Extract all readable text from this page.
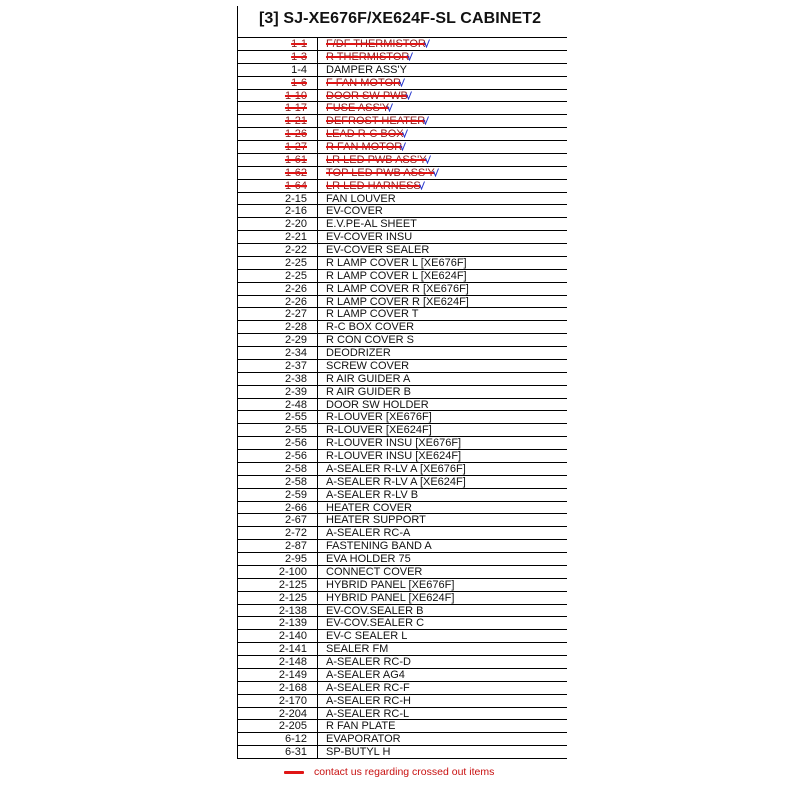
[3] SJ-XE676F/XE624F-SL CABINET2
1-1 F/DF THERMISTOR
1-3 R THERMISTOR
1-4 DAMPER ASS'Y
1-6 F FAN MOTOR
1-10 DOOR SW PWB
1-17 FUSE ASS'Y
1-21 DEFROST HEATER
1-26 LEAD R-C BOX
1-27 R FAN MOTOR
1-61 LR LED PWB ASS'Y
1-62 TOP LED PWB ASS'Y
1-64 LR LED HARNESS
2-15 FAN LOUVER
2-16 EV-COVER
2-20 E.V.PE-AL SHEET
2-21 EV-COVER INSU
2-22 EV-COVER SEALER
2-25 R LAMP COVER L [XE676F]
2-25 R LAMP COVER L [XE624F]
2-26 R LAMP COVER R [XE676F]
2-26 R LAMP COVER R [XE624F]
2-27 R LAMP COVER T
2-28 R-C BOX COVER
2-29 R CON COVER S
2-34 DEODRIZER
2-37 SCREW COVER
2-38 R AIR GUIDER A
2-39 R AIR GUIDER B
2-48 DOOR SW HOLDER
2-55 R-LOUVER [XE676F]
2-55 R-LOUVER [XE624F]
2-56 R-LOUVER INSU [XE676F]
2-56 R-LOUVER INSU [XE624F]
2-58 A-SEALER R-LV A [XE676F]
2-58 A-SEALER R-LV A [XE624F]
2-59 A-SEALER R-LV B
2-66 HEATER COVER
2-67 HEATER SUPPORT
2-72 A-SEALER RC-A
2-87 FASTENING BAND A
2-95 EVA HOLDER 75
2-100 CONNECT COVER
2-125 HYBRID PANEL [XE676F]
2-125 HYBRID PANEL [XE624F]
2-138 EV-COV.SEALER B
2-139 EV-COV.SEALER C
2-140 EV-C SEALER L
2-141 SEALER FM
2-148 A-SEALER RC-D
2-149 A-SEALER AG4
2-168 A-SEALER RC-F
2-170 A-SEALER RC-H
2-204 A-SEALER RC-L
2-205 R FAN PLATE
6-12 EVAPORATOR
6-31 SP-BUTYL H
contact us regarding crossed out items
